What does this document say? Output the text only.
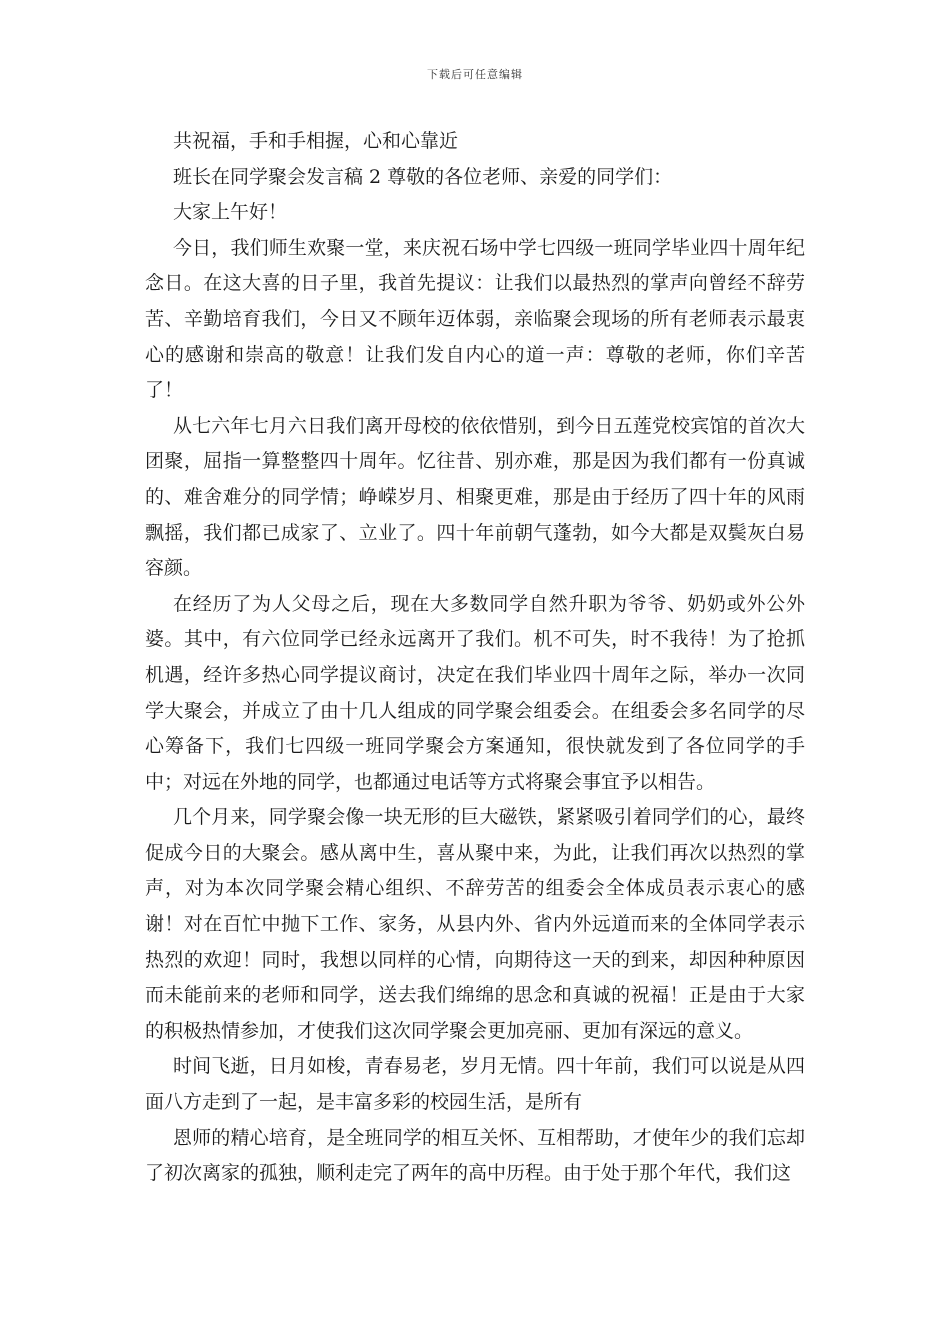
下载后可任意编辑

共祝福，手和手相握，心和心靠近

班长在同学聚会发言稿 2 尊敬的各位老师、亲爱的同学们：

大家上午好！

今日，我们师生欢聚一堂，来庆祝石场中学七四级一班同学毕业四十周年纪念日。在这大喜的日子里，我首先提议：让我们以最热烈的掌声向曾经不辞劳苦、辛勤培育我们，今日又不顾年迈体弱，亲临聚会现场的所有老师表示最衷心的感谢和崇高的敬意！让我们发自内心的道一声：尊敬的老师，你们辛苦了！

从七六年七月六日我们离开母校的依依惜别，到今日五莲党校宾馆的首次大团聚，屈指一算整整四十周年。忆往昔、别亦难，那是因为我们都有一份真诚的、难舍难分的同学情；峥嵘岁月、相聚更难，那是由于经历了四十年的风雨飘摇，我们都已成家了、立业了。四十年前朝气蓬勃，如今大都是双鬓灰白易容颜。

在经历了为人父母之后，现在大多数同学自然升职为爷爷、奶奶或外公外婆。其中，有六位同学已经永远离开了我们。机不可失，时不我待！为了抢抓机遇，经许多热心同学提议商讨，决定在我们毕业四十周年之际，举办一次同学大聚会，并成立了由十几人组成的同学聚会组委会。在组委会多名同学的尽心筹备下，我们七四级一班同学聚会方案通知，很快就发到了各位同学的手中；对远在外地的同学，也都通过电话等方式将聚会事宜予以相告。

几个月来，同学聚会像一块无形的巨大磁铁，紧紧吸引着同学们的心，最终促成今日的大聚会。感从离中生，喜从聚中来，为此，让我们再次以热烈的掌声，对为本次同学聚会精心组织、不辞劳苦的组委会全体成员表示衷心的感谢！对在百忙中抛下工作、家务，从县内外、省内外远道而来的全体同学表示热烈的欢迎！同时，我想以同样的心情，向期待这一天的到来，却因种种原因而未能前来的老师和同学，送去我们绵绵的思念和真诚的祝福！正是由于大家的积极热情参加，才使我们这次同学聚会更加亮丽、更加有深远的意义。

时间飞逝，日月如梭，青春易老，岁月无情。四十年前，我们可以说是从四面八方走到了一起，是丰富多彩的校园生活，是所有

恩师的精心培育，是全班同学的相互关怀、互相帮助，才使年少的我们忘却了初次离家的孤独，顺利走完了两年的高中历程。由于处于那个年代，我们这
